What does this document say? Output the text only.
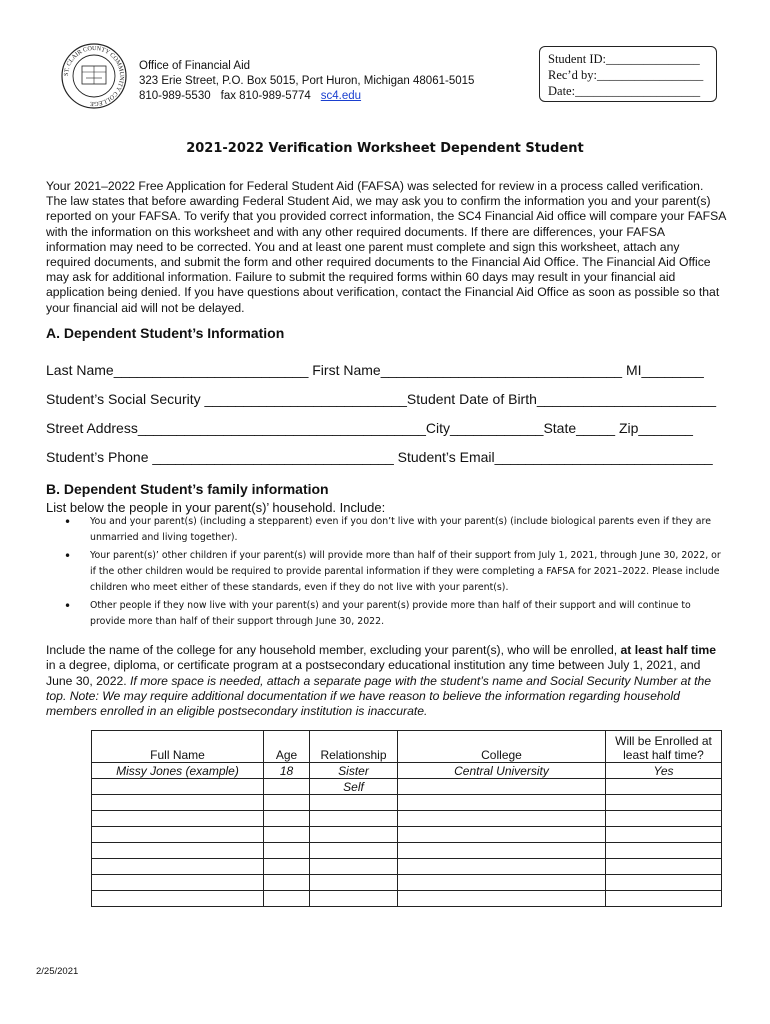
ST. CLAIR COUNTY COMMUNITY COLLEGE
Office of Financial Aid
323 Erie Street, P.O. Box 5015, Port Huron, Michigan 48061-5015
810-989-5530 fax 810-989-5774 sc4.edu
Student ID:_______________
Rec’d by:_________________
Date:____________________
2021-2022 Verification Worksheet Dependent Student
Your 2021–2022 Free Application for Federal Student Aid (FAFSA) was selected for review in a process called verification. The law states that before awarding Federal Student Aid, we may ask you to confirm the information you and your parent(s) reported on your FAFSA. To verify that you provided correct information, the SC4 Financial Aid office will compare your FAFSA with the information on this worksheet and with any other required documents. If there are differences, your FAFSA information may need to be corrected. You and at least one parent must complete and sign this worksheet, attach any required documents, and submit the form and other required documents to the Financial Aid Office. The Financial Aid Office may ask for additional information. Failure to submit the required forms within 60 days may result in your financial aid application being denied. If you have questions about verification, contact the Financial Aid Office as soon as possible so that your financial aid will not be delayed.
A. Dependent Student’s Information
Last Name_________________________ First Name_______________________________ MI________
Student’s Social Security __________________________Student Date of Birth_______________________
Street Address_____________________________________City____________State_____ Zip_______
Student’s Phone _______________________________ Student’s Email____________________________
B. Dependent Student’s family information
List below the people in your parent(s)’ household. Include:
• You and your parent(s) (including a stepparent) even if you don’t live with your parent(s) (include biological parents even if they are unmarried and living together).
• Your parent(s)’ other children if your parent(s) will provide more than half of their support from July 1, 2021, through June 30, 2022, or if the other children would be required to provide parental information if they were completing a FAFSA for 2021–2022. Please include children who meet either of these standards, even if they do not live with your parent(s).
• Other people if they now live with your parent(s) and your parent(s) provide more than half of their support and will continue to provide more than half of their support through June 30, 2022.
Include the name of the college for any household member, excluding your parent(s), who will be enrolled, at least half time in a degree, diploma, or certificate program at a postsecondary educational institution any time between July 1, 2021, and June 30, 2022. If more space is needed, attach a separate page with the student’s name and Social Security Number at the top. Note: We may require additional documentation if we have reason to believe the information regarding household members enrolled in an eligible postsecondary institution is inaccurate.
Full Name	Age	Relationship	College	Will be Enrolled at least half time?
Missy Jones (example)	18	Sister	Central University	Yes
		Self		

2/25/2021
